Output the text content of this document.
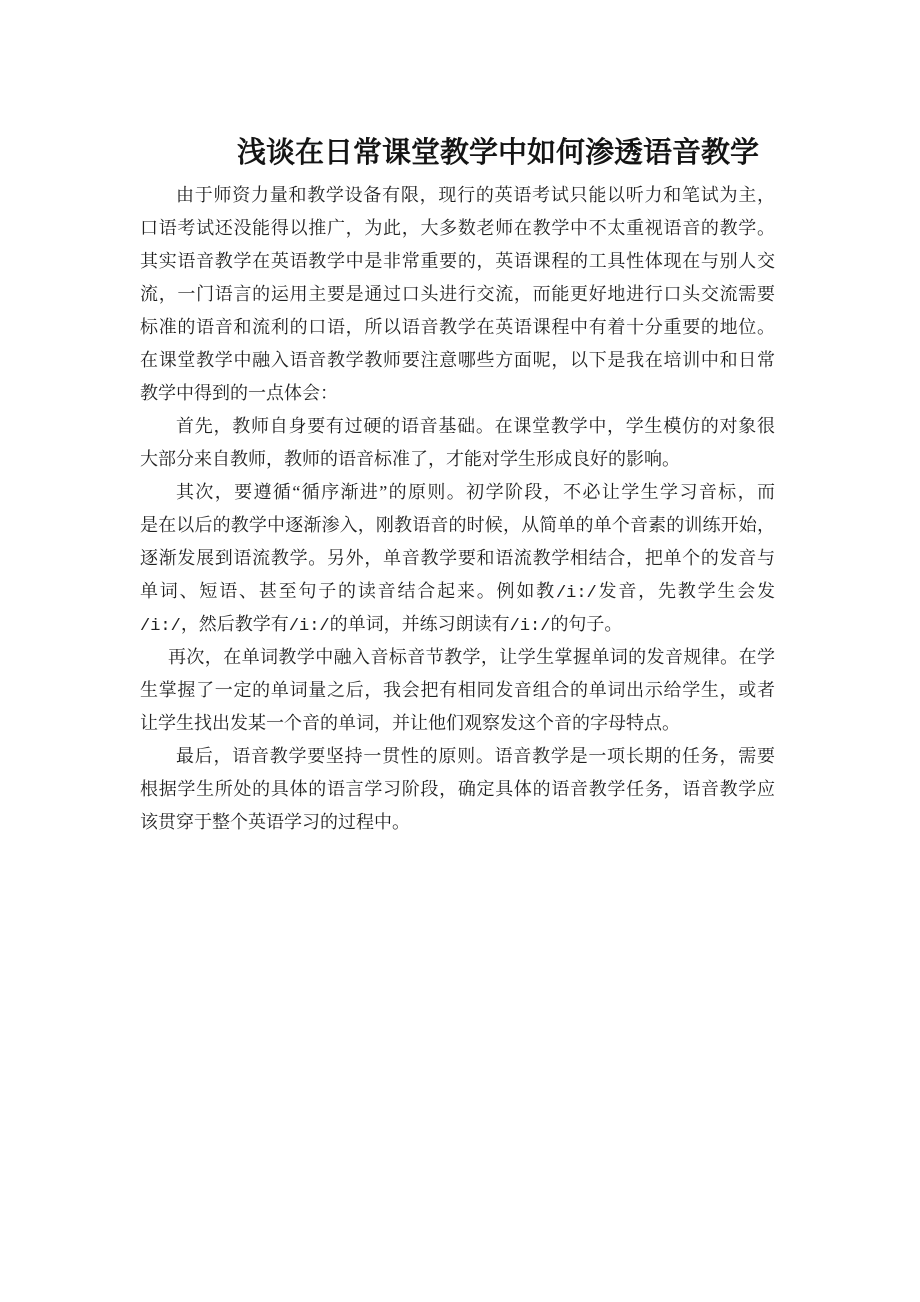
浅谈在日常课堂教学中如何渗透语音教学
由于师资力量和教学设备有限，现行的英语考试只能以听力和笔试为主，
口语考试还没能得以推广，为此，大多数老师在教学中不太重视语音的教学。
其实语音教学在英语教学中是非常重要的，英语课程的工具性体现在与别人交
流，一门语言的运用主要是通过口头进行交流，而能更好地进行口头交流需要
标准的语音和流利的口语，所以语音教学在英语课程中有着十分重要的地位。
在课堂教学中融入语音教学教师要注意哪些方面呢，以下是我在培训中和日常
教学中得到的一点体会：
首先，教师自身要有过硬的语音基础。在课堂教学中，学生模仿的对象很
大部分来自教师，教师的语音标准了，才能对学生形成良好的影响。
其次，要遵循“循序渐进”的原则。初学阶段，不必让学生学习音标，而
是在以后的教学中逐渐渗入，刚教语音的时候，从简单的单个音素的训练开始，
逐渐发展到语流教学。另外，单音教学要和语流教学相结合，把单个的发音与
单词、短语、甚至句子的读音结合起来。例如教/i:/发音，先教学生会发
/i:/，然后教学有/i:/的单词，并练习朗读有/i:/的句子。
再次，在单词教学中融入音标音节教学，让学生掌握单词的发音规律。在学
生掌握了一定的单词量之后，我会把有相同发音组合的单词出示给学生，或者
让学生找出发某一个音的单词，并让他们观察发这个音的字母特点。
最后，语音教学要坚持一贯性的原则。语音教学是一项长期的任务，需要
根据学生所处的具体的语言学习阶段，确定具体的语音教学任务，语音教学应
该贯穿于整个英语学习的过程中。
